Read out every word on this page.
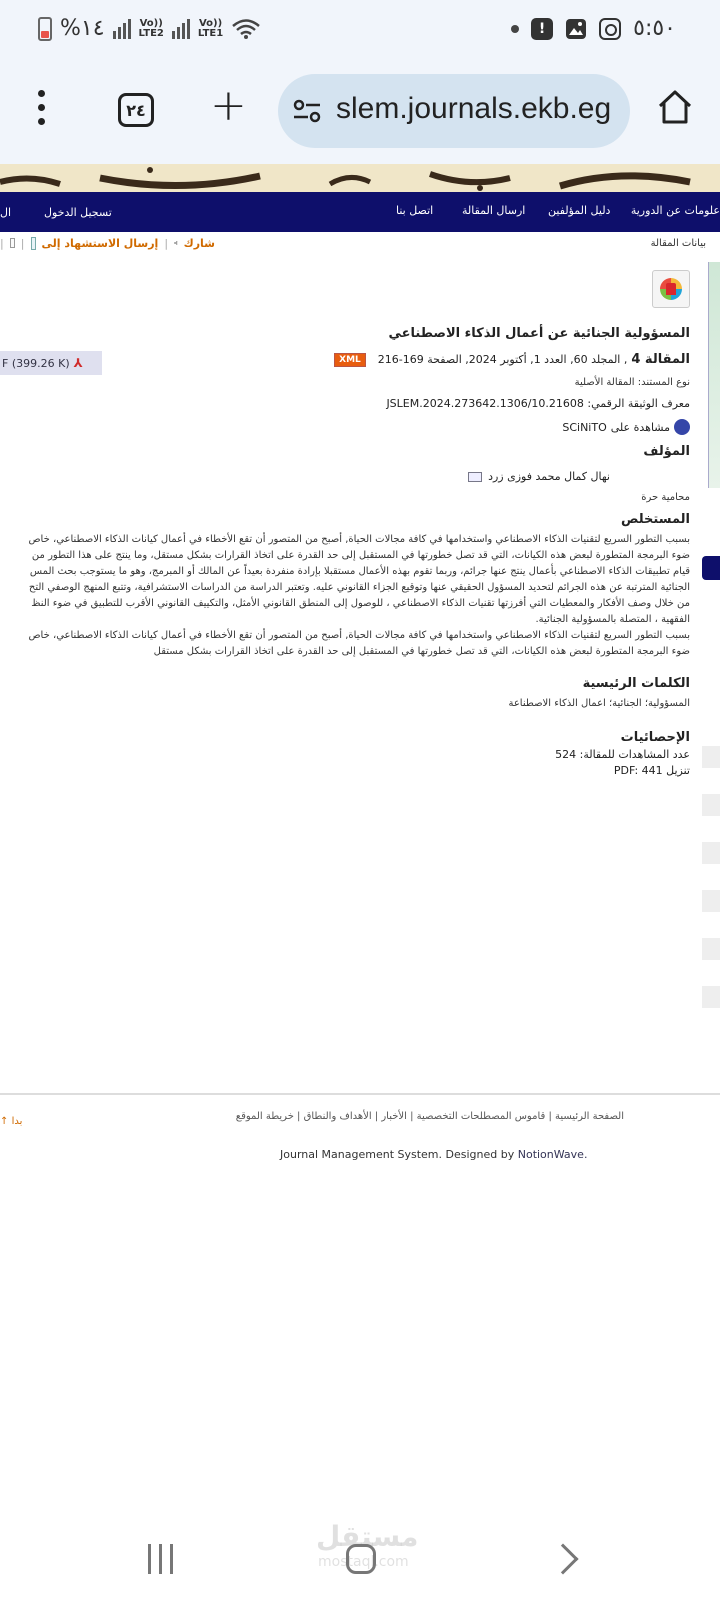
%١٤	Vo))
LTE2
Vo))
LTE1	!	٥:٥٠
٢٤ +	slem.journals.ekb.eg
علومات عن الدورية
دليل المؤلفين
ارسال المقالة
اتصل بنا
تسجيل الدخول
ال
بيانات المقالة
شارك
|
إرسال الاستشهاد إلى
|
|
المسؤولية الجنائية عن أعمال الذكاء الاصطناعي
F (399.26 K) ⅄	المقالة 4
, المجلد 60, العدد 1, أكتوبر 2024, الصفحة 169-216
XML
نوع المستند: المقالة الأصلية
معرف الوثيقة الرقمي: 10.21608/JSLEM.2024.273642.1306
مشاهدة على
SCiNiTO
المؤلف
نهال كمال محمد فوزى زرد
محامية حرة
المستخلص
بسبب التطور السريع لتقنيات الذكاء الاصطناعي واستخدامها في كافة مجالات الحياة, أصبح من المتصور أن تقع الأخطاء في أعمال كيانات الذكاء الاصطناعي، خاص
ضوء البرمجة المتطورة لبعض هذه الكيانات، التي قد تصل خطورتها في المستقبل إلى حد القدرة على اتخاذ القرارات بشكل مستقل، وما ينتج على هذا التطور من
قيام تطبيقات الذكاء الاصطناعي بأعمال ينتج عنها جرائم، وربما تقوم بهذه الأعمال مستقبلا بإرادة منفردة بعيداً عن المالك أو المبرمج، وهو ما يستوجب بحث المس
الجنائية المترتبة عن هذه الجرائم لتحديد المسؤول الحقيقي عنها وتوقيع الجزاء القانوني عليه. وتعتبر الدراسة من الدراسات الاستشرافية، وتتبع المنهج الوصفي التح
من خلال وصف الأفكار والمعطيات التي أفرزتها تقنيات الذكاء الاصطناعي ، للوصول إلى المنطق القانوني الأمثل، والتكييف القانوني الأقرب للتطبيق في ضوء النظ
الفقهية ، المتصلة بالمسؤولية الجنائية.
بسبب التطور السريع لتقنيات الذكاء الاصطناعي واستخدامها في كافة مجالات الحياة, أصبح من المتصور أن تقع الأخطاء في أعمال كيانات الذكاء الاصطناعي، خاص
ضوء البرمجة المتطورة لبعض هذه الكيانات، التي قد تصل خطورتها في المستقبل إلى حد القدرة على اتخاذ القرارات بشكل مستقل
الكلمات الرئيسية
المسؤولية؛ الجنائية؛ اعمال الذكاء الاصطناعة
الإحصائيات
عدد المشاهدات للمقالة: 524
تنزيل PDF: 441
الصفحة الرئيسية | قاموس المصطلحات التخصصية | الأخبار | الأهداف والنطاق | خريطة الموقع
↑ بدا
Journal Management System. Designed by NotionWave.
مستقل
mostaql.com
